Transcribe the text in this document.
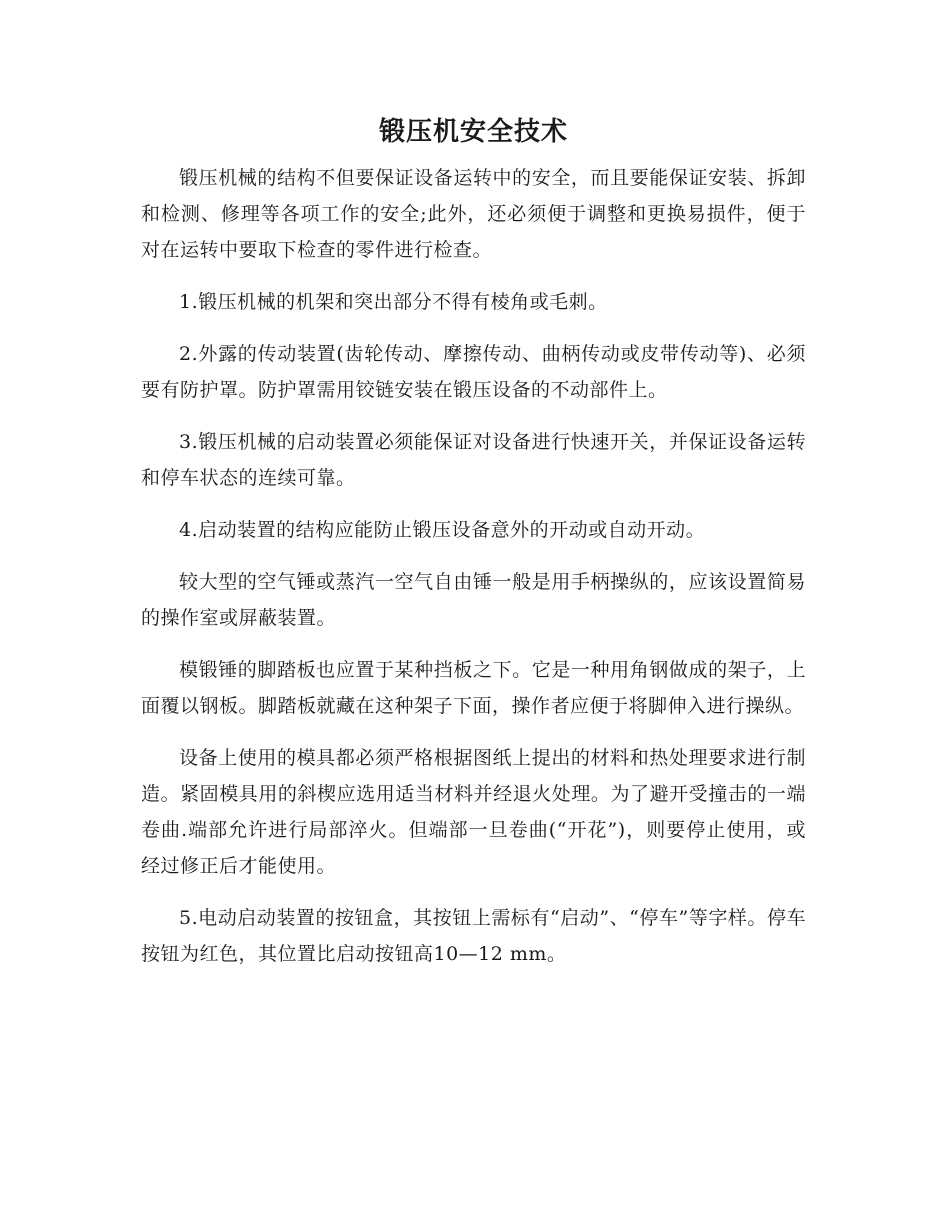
锻压机安全技术

锻压机械的结构不但要保证设备运转中的安全，而且要能保证安装、拆卸和检测、修理等各项工作的安全;此外，还必须便于调整和更换易损件，便于对在运转中要取下检查的零件进行检查。

1.锻压机械的机架和突出部分不得有棱角或毛刺。

2.外露的传动装置(齿轮传动、摩擦传动、曲柄传动或皮带传动等)、必须要有防护罩。防护罩需用铰链安装在锻压设备的不动部件上。

3.锻压机械的启动装置必须能保证对设备进行快速开关，并保证设备运转和停车状态的连续可靠。

4.启动装置的结构应能防止锻压设备意外的开动或自动开动。

较大型的空气锤或蒸汽一空气自由锤一般是用手柄操纵的，应该设置简易的操作室或屏蔽装置。

模锻锤的脚踏板也应置于某种挡板之下。它是一种用角钢做成的架子，上面覆以钢板。脚踏板就藏在这种架子下面，操作者应便于将脚伸入进行操纵。

设备上使用的模具都必须严格根据图纸上提出的材料和热处理要求进行制造。紧固模具用的斜楔应选用适当材料并经退火处理。为了避开受撞击的一端卷曲.端部允许进行局部淬火。但端部一旦卷曲(“开花”)，则要停止使用，或经过修正后才能使用。

5.电动启动装置的按钮盒，其按钮上需标有“启动”、“停车”等字样。停车按钮为红色，其位置比启动按钮高10—12 mm。
